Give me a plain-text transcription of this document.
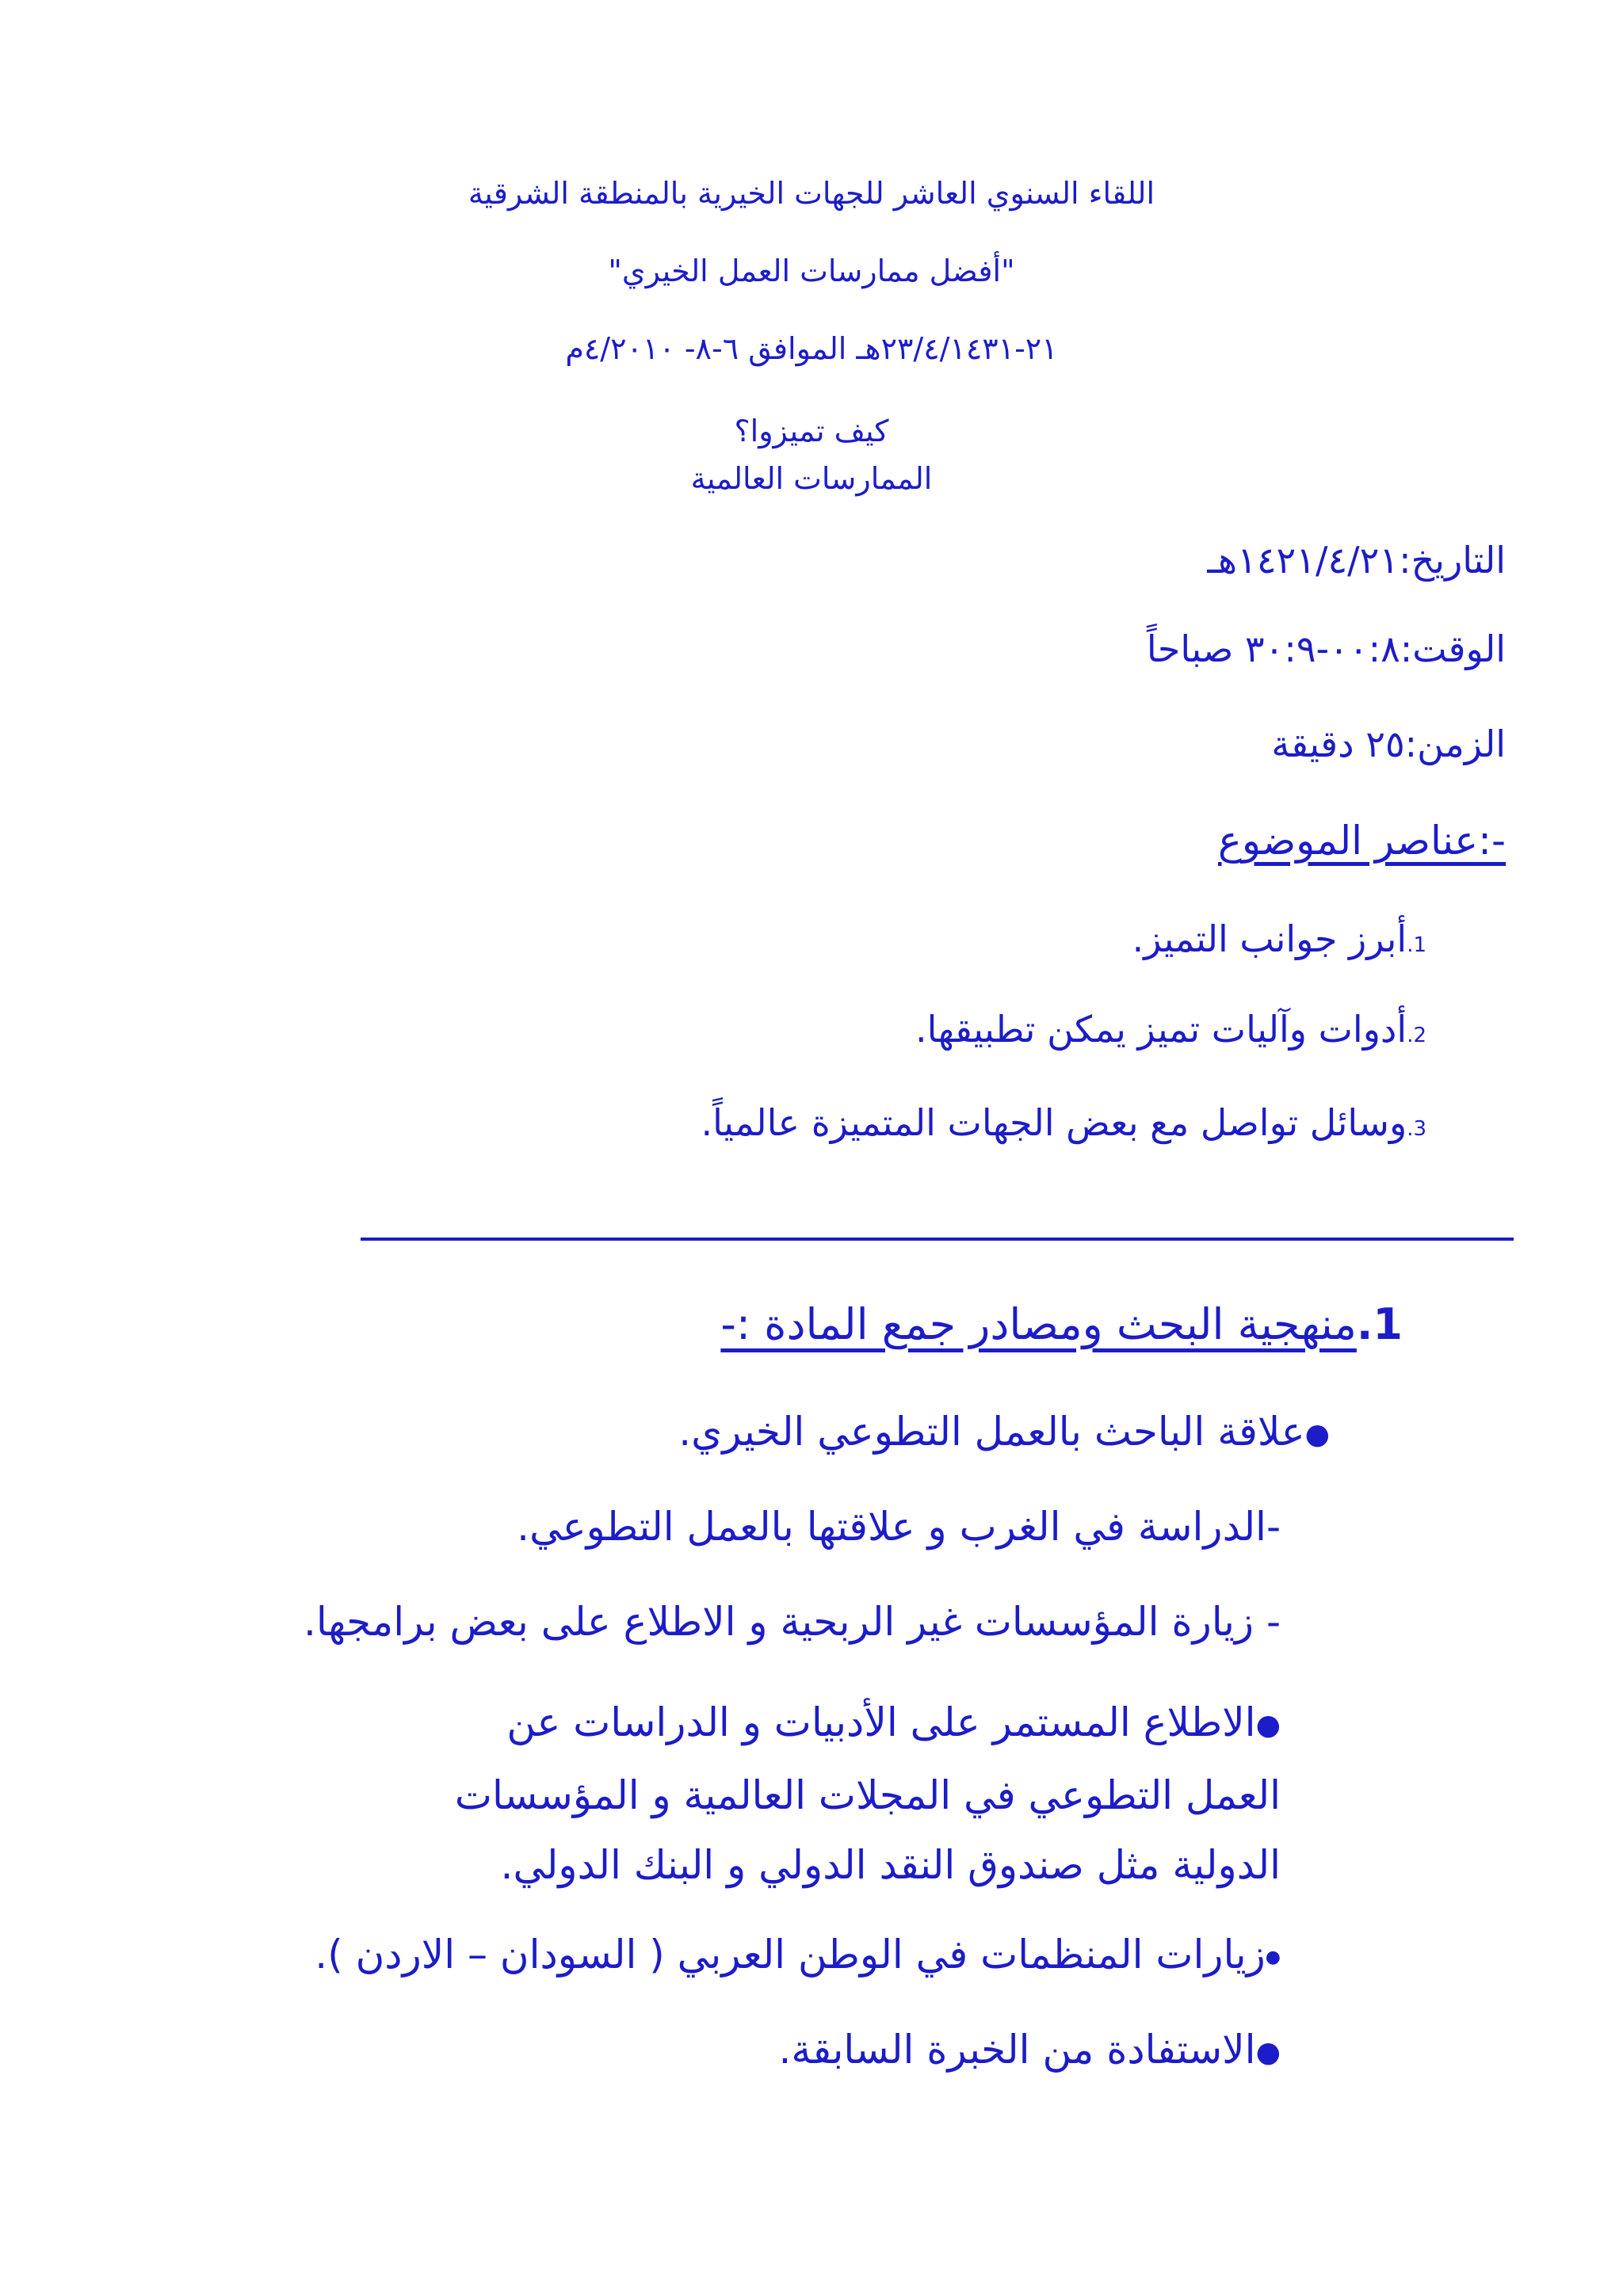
اللقاء السنوي العاشر للجهات الخيرية بالمنطقة الشرقية
"أفضل ممارسات العمل الخيري"
٢١-٢٣/٤/١٤٣١هـ الموافق ٦-٨- ٤/٢٠١٠م
كيف تميزوا؟
الممارسات العالمية
التاريخ:١٤٢١/٤/٢١هـ
الوقت:٠٠:٨-٣٠:٩ صباحاً
الزمن:٢٥ دقيقة
-:عناصر الموضوع
1.أبرز جوانب التميز.
2.أدوات وآليات تميز يمكن تطبيقها.
3.وسائل تواصل مع بعض الجهات المتميزة عالمياً.
1.منهجية البحث ومصادر جمع المادة :-
●علاقة الباحث بالعمل التطوعي الخيري.
-الدراسة في الغرب و علاقتها بالعمل التطوعي.
- زيارة المؤسسات غير الربحية و الاطلاع على بعض برامجها.
●الاطلاع المستمر على الأدبيات و الدراسات عن العمل التطوعي في المجلات العالمية و المؤسسات الدولية مثل صندوق النقد الدولي و البنك الدولي.
●زيارات المنظمات في الوطن العربي ( السودان – الاردن ).
●الاستفادة من الخبرة السابقة.
